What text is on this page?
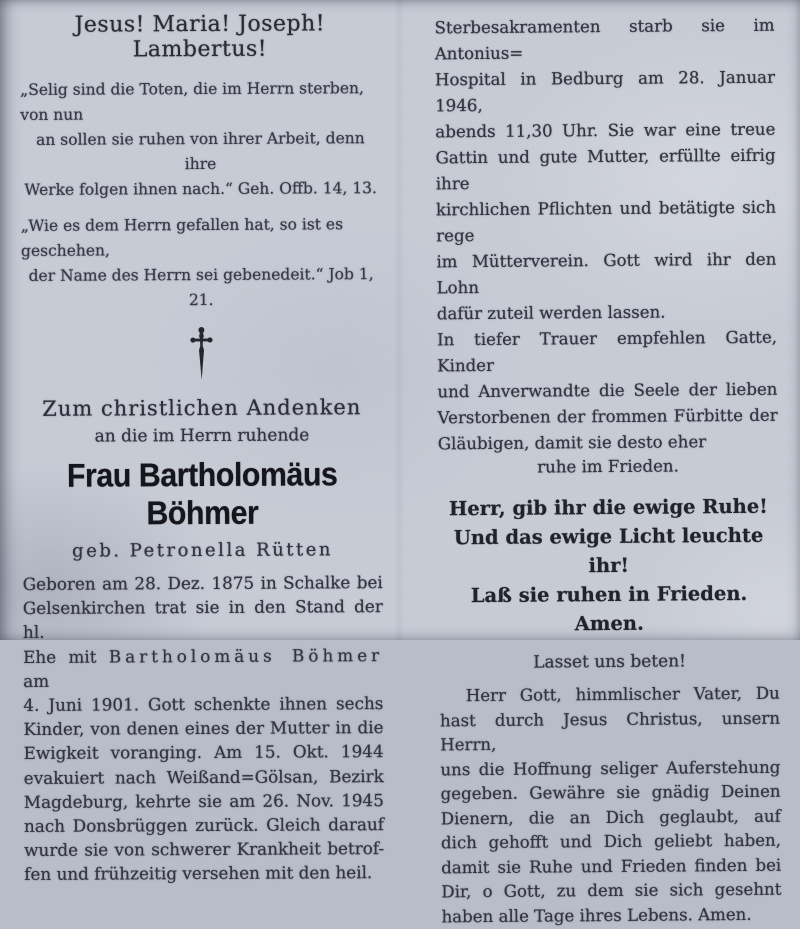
Jesus! Maria! Joseph! Lambertus!
„Selig sind die Toten, die im Herrn sterben, von nun
an sollen sie ruhen von ihrer Arbeit, denn ihre
Werke folgen ihnen nach.“ Geh. Offb. 14, 13.
„Wie es dem Herrn gefallen hat, so ist es geschehen,
der Name des Herrn sei gebenedeit.“ Job 1, 21.
Zum christlichen Andenken
an die im Herrn ruhende
Frau Bartholomäus Böhmer
geb. Petronella Rütten
Geboren am 28. Dez. 1875 in Schalke bei
Gelsenkirchen trat sie in den Stand der hl.
Ehe mit Bartholomäus Böhmer am
4. Juni 1901. Gott schenkte ihnen sechs
Kinder, von denen eines der Mutter in die
Ewigkeit voranging. Am 15. Okt. 1944
evakuiert nach Weißand=Gölsan, Bezirk
Magdeburg, kehrte sie am 26. Nov. 1945
nach Donsbrüggen zurück. Gleich darauf
wurde sie von schwerer Krankheit betrof-
fen und frühzeitig versehen mit den heil.
Sterbesakramenten starb sie im Antonius=
Hospital in Bedburg am 28. Januar 1946,
abends 11,30 Uhr. Sie war eine treue
Gattin und gute Mutter, erfüllte eifrig ihre
kirchlichen Pflichten und betätigte sich rege
im Mütterverein. Gott wird ihr den Lohn
dafür zuteil werden lassen.
In tiefer Trauer empfehlen Gatte, Kinder
und Anverwandte die Seele der lieben
Verstorbenen der frommen Fürbitte der
Gläubigen, damit sie desto eher
ruhe im Frieden.
Herr, gib ihr die ewige Ruhe!
Und das ewige Licht leuchte ihr!
Laß sie ruhen in Frieden. Amen.
Lasset uns beten!
Herr Gott, himmlischer Vater, Du
hast durch Jesus Christus, unsern Herrn,
uns die Hoffnung seliger Auferstehung
gegeben. Gewähre sie gnädig Deinen
Dienern, die an Dich geglaubt, auf
dich gehofft und Dich geliebt haben,
damit sie Ruhe und Frieden finden bei
Dir, o Gott, zu dem sie sich gesehnt
haben alle Tage ihres Lebens. Amen.
